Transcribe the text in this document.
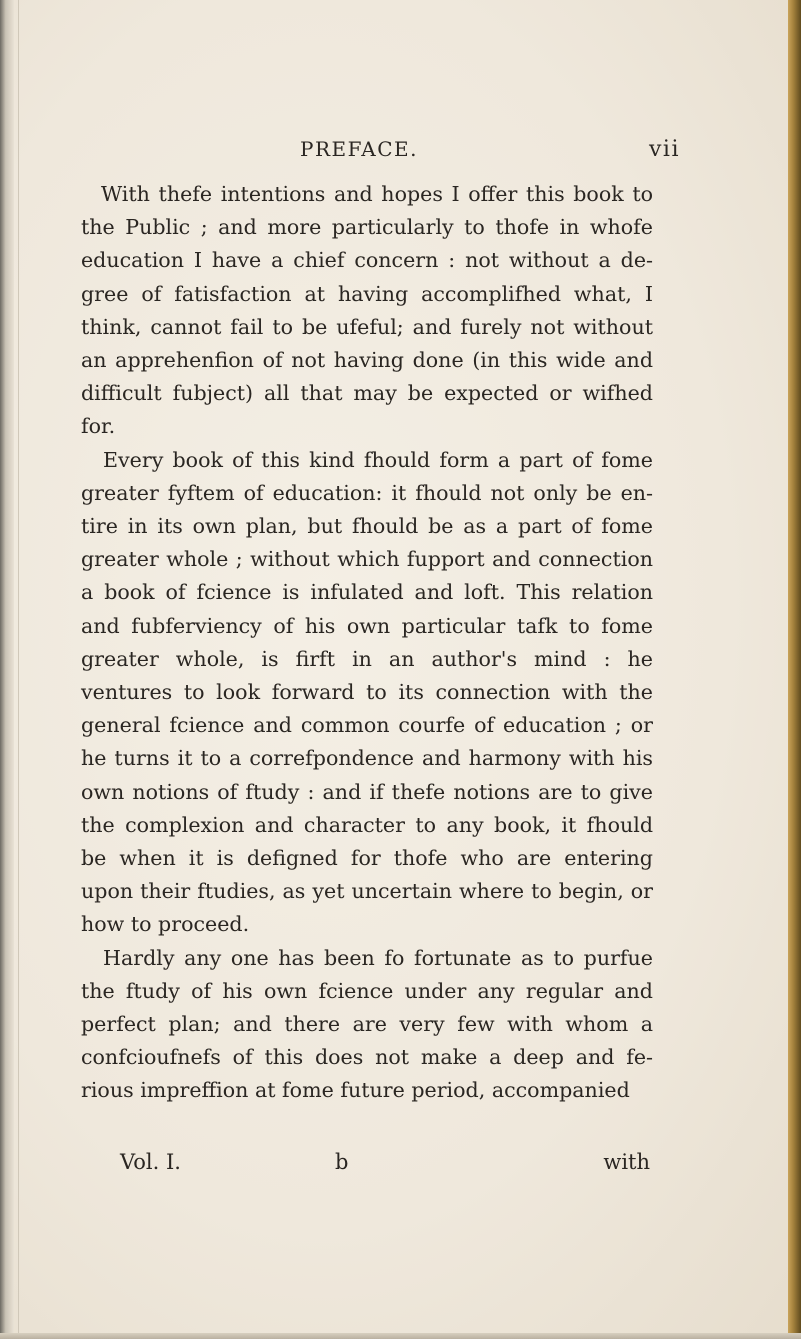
PREFACE.	vii

With thefe intentions and hopes I offer this book to the Public ; and more particularly to thofe in whofe education I have a chief concern : not without a de- gree of fatisfaction at having accomplifhed what, I think, cannot fail to be ufeful; and furely not without an apprehenfion of not having done (in this wide and difficult fubject) all that may be expected or wifhed for.

Every book of this kind fhould form a part of fome greater fyftem of education: it fhould not only be en- tire in its own plan, but fhould be as a part of fome greater whole ; without which fupport and connection a book of fcience is infulated and loft. This relation and fubferviency of his own particular tafk to fome greater whole, is firft in an author's mind : he ventures to look forward to its connection with the general fcience and common courfe of education ; or he turns it to a correfpondence and harmony with his own notions of ftudy : and if thefe notions are to give the complexion and character to any book, it fhould be when it is defigned for thofe who are entering upon their ftudies, as yet uncertain where to begin, or how to proceed.

Hardly any one has been fo fortunate as to purfue the ftudy of his own fcience under any regular and perfect plan; and there are very few with whom a confcioufnefs of this does not make a deep and fe- rious impreffion at fome future period, accompanied

Vol. I.	b	with
